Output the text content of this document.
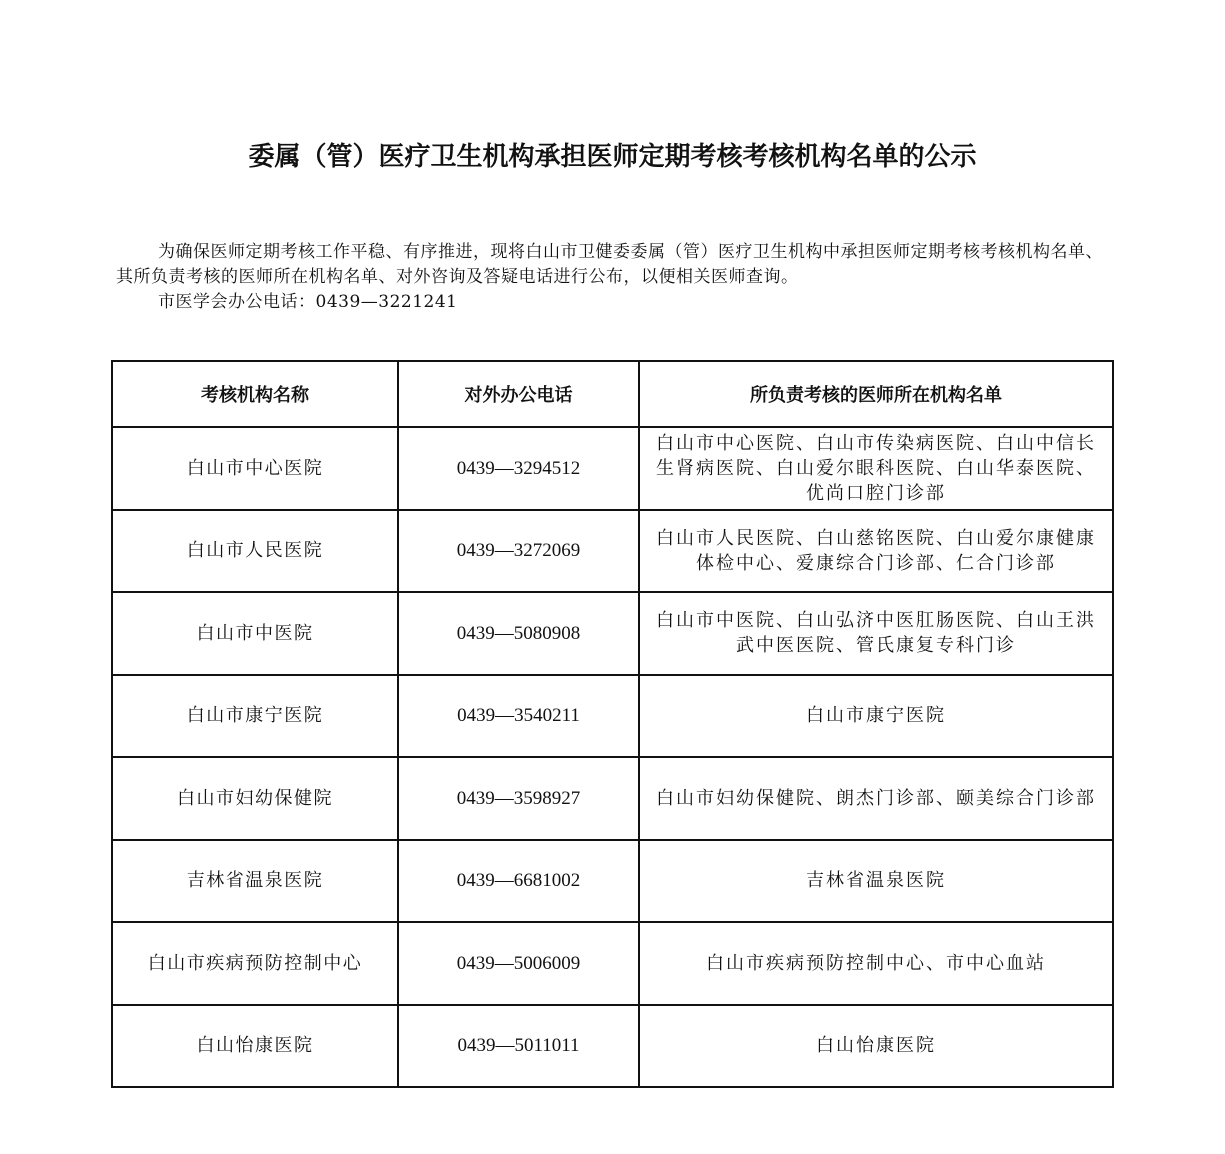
委属（管）医疗卫生机构承担医师定期考核考核机构名单的公示

为确保医师定期考核工作平稳、有序推进，现将白山市卫健委委属（管）医疗卫生机构中承担医师定期考核考核机构名单、其所负责考核的医师所在机构名单、对外咨询及答疑电话进行公布，以便相关医师查询。

市医学会办公电话：0439—3221241

考核机构名称	对外办公电话	所负责考核的医师所在机构名单
白山市中心医院	0439—3294512	白山市中心医院、白山市传染病医院、白山中信长生肾病医院、白山爱尔眼科医院、白山华泰医院、优尚口腔门诊部
白山市人民医院	0439—3272069	白山市人民医院、白山慈铭医院、白山爱尔康健康体检中心、爱康综合门诊部、仁合门诊部
白山市中医院	0439—5080908	白山市中医院、白山弘济中医肛肠医院、白山王洪武中医医院、管氏康复专科门诊
白山市康宁医院	0439—3540211	白山市康宁医院
白山市妇幼保健院	0439—3598927	白山市妇幼保健院、朗杰门诊部、颐美综合门诊部
吉林省温泉医院	0439—6681002	吉林省温泉医院
白山市疾病预防控制中心	0439—5006009	白山市疾病预防控制中心、市中心血站
白山怡康医院	0439—5011011	白山怡康医院
